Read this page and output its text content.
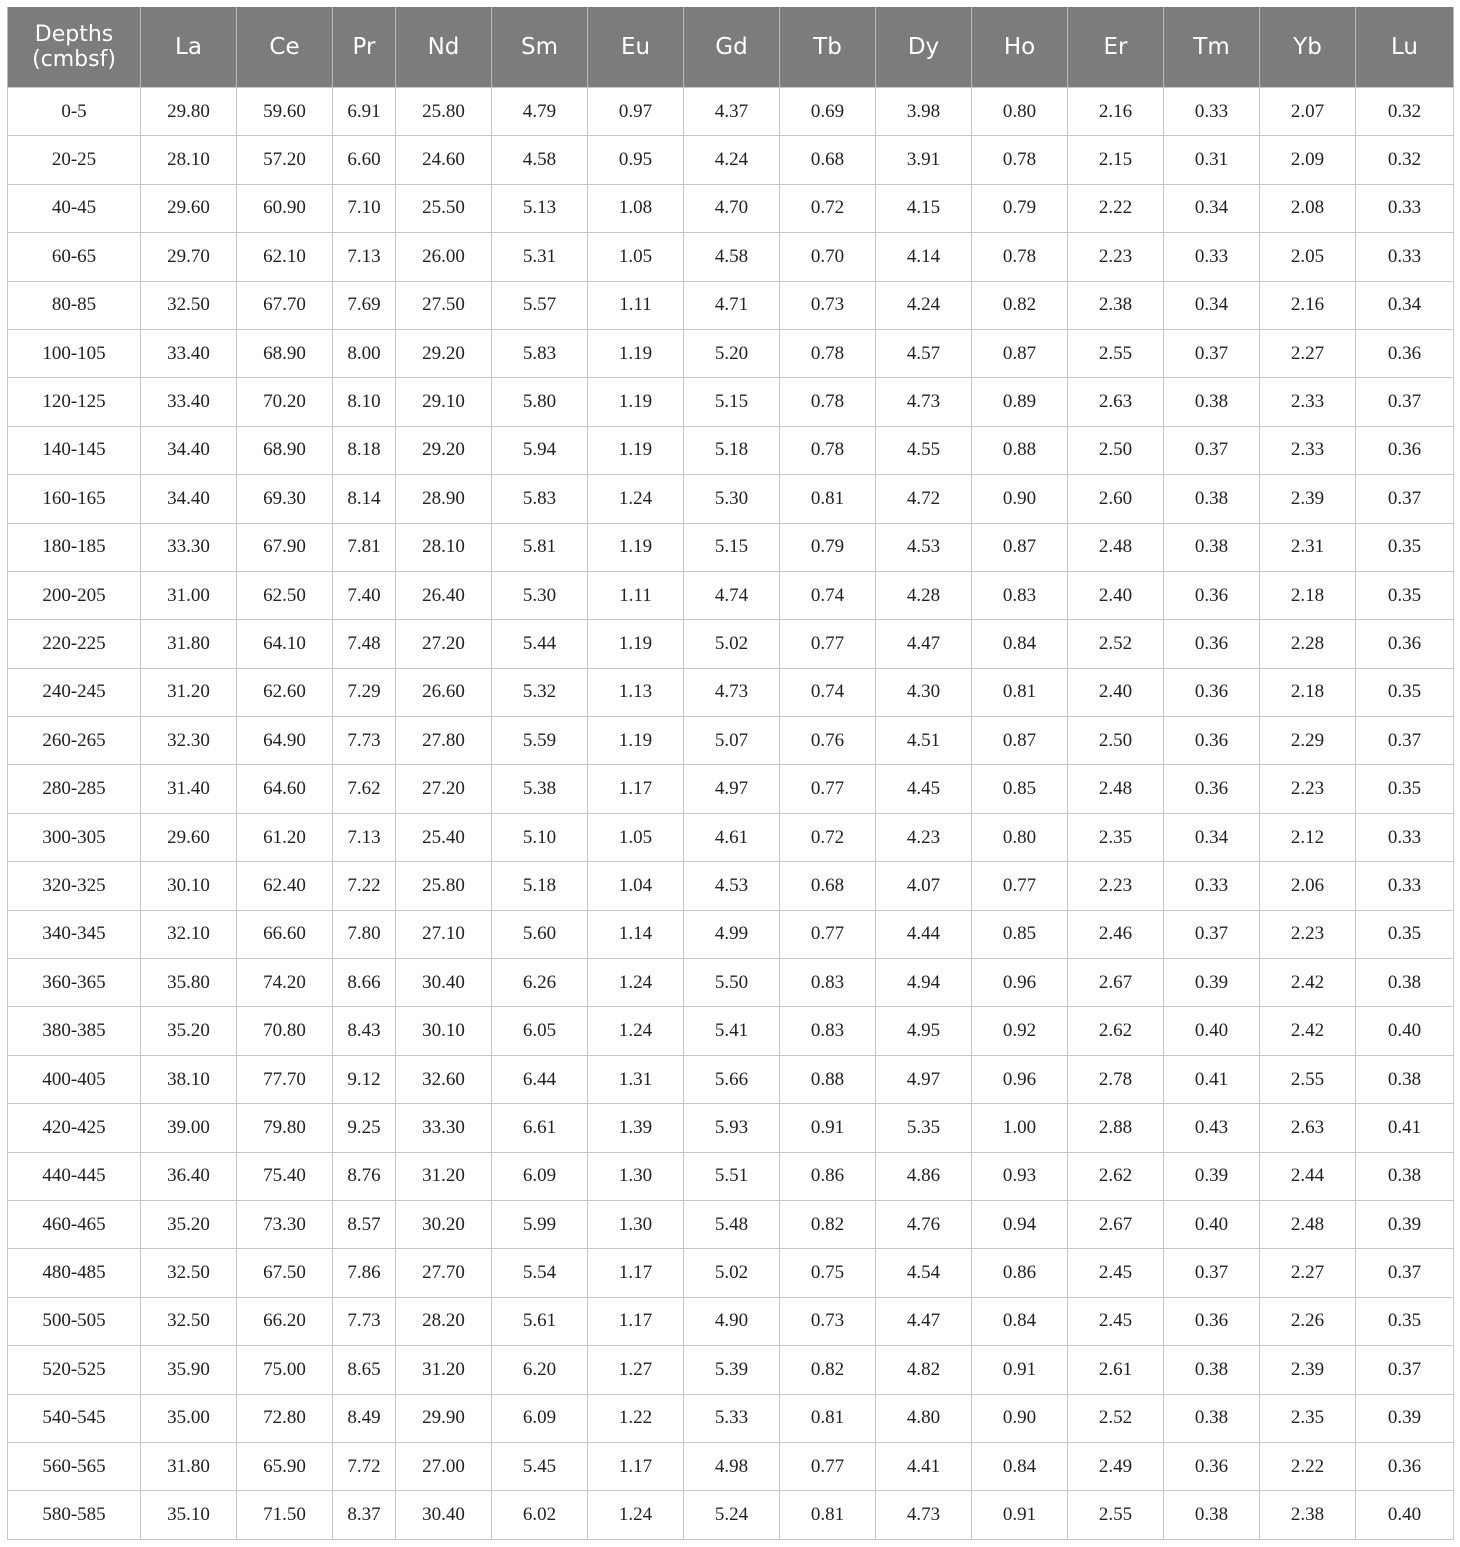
Depths
(cmbsf)	La	Ce	Pr	Nd	Sm	Eu	Gd	Tb	Dy	Ho	Er	Tm	Yb	Lu
0-5	29.80	59.60	6.91	25.80	4.79	0.97	4.37	0.69	3.98	0.80	2.16	0.33	2.07	0.32
20-25	28.10	57.20	6.60	24.60	4.58	0.95	4.24	0.68	3.91	0.78	2.15	0.31	2.09	0.32
40-45	29.60	60.90	7.10	25.50	5.13	1.08	4.70	0.72	4.15	0.79	2.22	0.34	2.08	0.33
60-65	29.70	62.10	7.13	26.00	5.31	1.05	4.58	0.70	4.14	0.78	2.23	0.33	2.05	0.33
80-85	32.50	67.70	7.69	27.50	5.57	1.11	4.71	0.73	4.24	0.82	2.38	0.34	2.16	0.34
100-105	33.40	68.90	8.00	29.20	5.83	1.19	5.20	0.78	4.57	0.87	2.55	0.37	2.27	0.36
120-125	33.40	70.20	8.10	29.10	5.80	1.19	5.15	0.78	4.73	0.89	2.63	0.38	2.33	0.37
140-145	34.40	68.90	8.18	29.20	5.94	1.19	5.18	0.78	4.55	0.88	2.50	0.37	2.33	0.36
160-165	34.40	69.30	8.14	28.90	5.83	1.24	5.30	0.81	4.72	0.90	2.60	0.38	2.39	0.37
180-185	33.30	67.90	7.81	28.10	5.81	1.19	5.15	0.79	4.53	0.87	2.48	0.38	2.31	0.35
200-205	31.00	62.50	7.40	26.40	5.30	1.11	4.74	0.74	4.28	0.83	2.40	0.36	2.18	0.35
220-225	31.80	64.10	7.48	27.20	5.44	1.19	5.02	0.77	4.47	0.84	2.52	0.36	2.28	0.36
240-245	31.20	62.60	7.29	26.60	5.32	1.13	4.73	0.74	4.30	0.81	2.40	0.36	2.18	0.35
260-265	32.30	64.90	7.73	27.80	5.59	1.19	5.07	0.76	4.51	0.87	2.50	0.36	2.29	0.37
280-285	31.40	64.60	7.62	27.20	5.38	1.17	4.97	0.77	4.45	0.85	2.48	0.36	2.23	0.35
300-305	29.60	61.20	7.13	25.40	5.10	1.05	4.61	0.72	4.23	0.80	2.35	0.34	2.12	0.33
320-325	30.10	62.40	7.22	25.80	5.18	1.04	4.53	0.68	4.07	0.77	2.23	0.33	2.06	0.33
340-345	32.10	66.60	7.80	27.10	5.60	1.14	4.99	0.77	4.44	0.85	2.46	0.37	2.23	0.35
360-365	35.80	74.20	8.66	30.40	6.26	1.24	5.50	0.83	4.94	0.96	2.67	0.39	2.42	0.38
380-385	35.20	70.80	8.43	30.10	6.05	1.24	5.41	0.83	4.95	0.92	2.62	0.40	2.42	0.40
400-405	38.10	77.70	9.12	32.60	6.44	1.31	5.66	0.88	4.97	0.96	2.78	0.41	2.55	0.38
420-425	39.00	79.80	9.25	33.30	6.61	1.39	5.93	0.91	5.35	1.00	2.88	0.43	2.63	0.41
440-445	36.40	75.40	8.76	31.20	6.09	1.30	5.51	0.86	4.86	0.93	2.62	0.39	2.44	0.38
460-465	35.20	73.30	8.57	30.20	5.99	1.30	5.48	0.82	4.76	0.94	2.67	0.40	2.48	0.39
480-485	32.50	67.50	7.86	27.70	5.54	1.17	5.02	0.75	4.54	0.86	2.45	0.37	2.27	0.37
500-505	32.50	66.20	7.73	28.20	5.61	1.17	4.90	0.73	4.47	0.84	2.45	0.36	2.26	0.35
520-525	35.90	75.00	8.65	31.20	6.20	1.27	5.39	0.82	4.82	0.91	2.61	0.38	2.39	0.37
540-545	35.00	72.80	8.49	29.90	6.09	1.22	5.33	0.81	4.80	0.90	2.52	0.38	2.35	0.39
560-565	31.80	65.90	7.72	27.00	5.45	1.17	4.98	0.77	4.41	0.84	2.49	0.36	2.22	0.36
580-585	35.10	71.50	8.37	30.40	6.02	1.24	5.24	0.81	4.73	0.91	2.55	0.38	2.38	0.40
